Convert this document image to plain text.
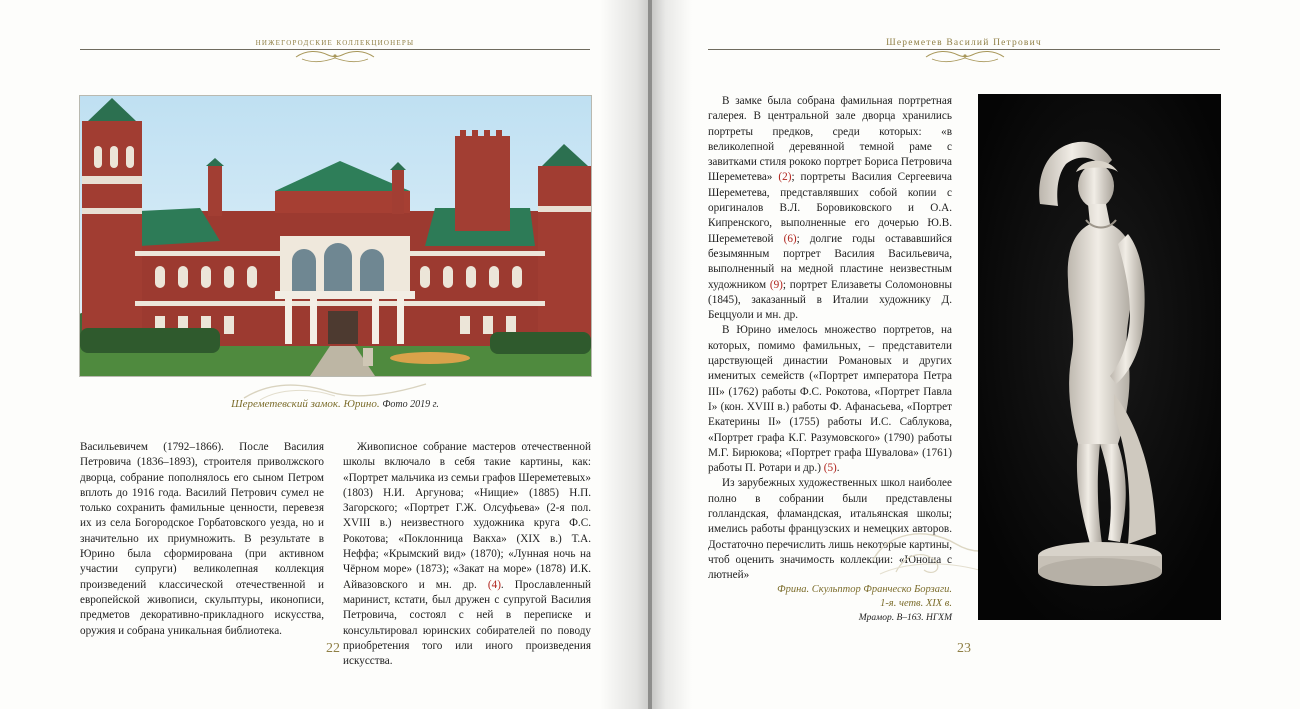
нижегородские коллекционеры
Шереметевский замок. Юрино. Фото 2019 г.

Васильевичем (1792–1866). После Василия Петровича (1836–1893), строителя приволжского дворца, собрание пополнялось его сыном Петром вплоть до 1916 года. Василий Петрович сумел не только сохранить фамильные ценности, перевезя их из села Богородское Горбатовского уезда, но и значительно их приумножить. В результате в Юрино была сформирована (при активном участии супруги) великолепная коллекция произведений классической отечественной и европейской живописи, скульптуры, иконописи, предметов декоративно-прикладного искусства, оружия и собрана уникальная библиотека.

Живописное собрание мастеров отечественной школы включало в себя такие картины, как: «Портрет мальчика из семьи графов Шереметевых» (1803) Н.И. Аргунова; «Нищие» (1885) Н.П. Загорского; «Портрет Г.Ж. Олсуфьева» (2-я пол. XVIII в.) неизвестного художника круга Ф.С. Рокотова; «Поклонница Вакха» (XIX в.) Т.А. Неффа; «Крымский вид» (1870); «Лунная ночь на Чёрном море» (1873); «Закат на море» (1878) И.К. Айвазовского и мн. др. (4). Прославленный маринист, кстати, был дружен с супругой Василия Петровича, состоял с ней в переписке и консультировал юринских собирателей по поводу приобретения того или иного произведения искусства.

22
Шереметев Василий Петрович

В замке была собрана фамильная портретная галерея. В центральной зале дворца хранились портреты предков, среди которых: «в великолепной деревянной темной раме с завитками стиля рококо портрет Бориса Петровича Шереметева» (2); портреты Василия Сергеевича Шереметева, представлявших собой копии с оригиналов В.Л. Боровиковского и О.А. Кипренского, выполненные его дочерью Ю.В. Шереметевой (6); долгие годы остававшийся безымянным портрет Василия Васильевича, выполненный на медной пластине неизвестным художником (9); портрет Елизаветы Соломоновны (1845), заказанный в Италии художнику Д. Беццуоли и мн. др.

В Юрино имелось множество портретов, на которых, помимо фамильных, – представители царствующей династии Романовых и других именитых семейств («Портрет императора Петра III» (1762) работы Ф.С. Рокотова, «Портрет Павла I» (кон. XVIII в.) работы Ф. Афанасьева, «Портрет Екатерины II» (1755) работы И.С. Саблукова, «Портрет графа К.Г. Разумовского» (1790) работы М.Г. Бирюкова; «Портрет графа Шувалова» (1761) работы П. Ротари и др.) (5).

Из зарубежных художественных школ наиболее полно в собрании были представлены голландская, фламандская, итальянская школы; имелись работы французских и немецких авторов. Достаточно перечислить лишь некоторые картины, чтоб оценить значимость коллекции: «Юноша с лютней»

Фрина. Скульптор Франческо Борзаги.
1-я. четв. XIX в.
Мрамор. В–163. НГХМ
23
